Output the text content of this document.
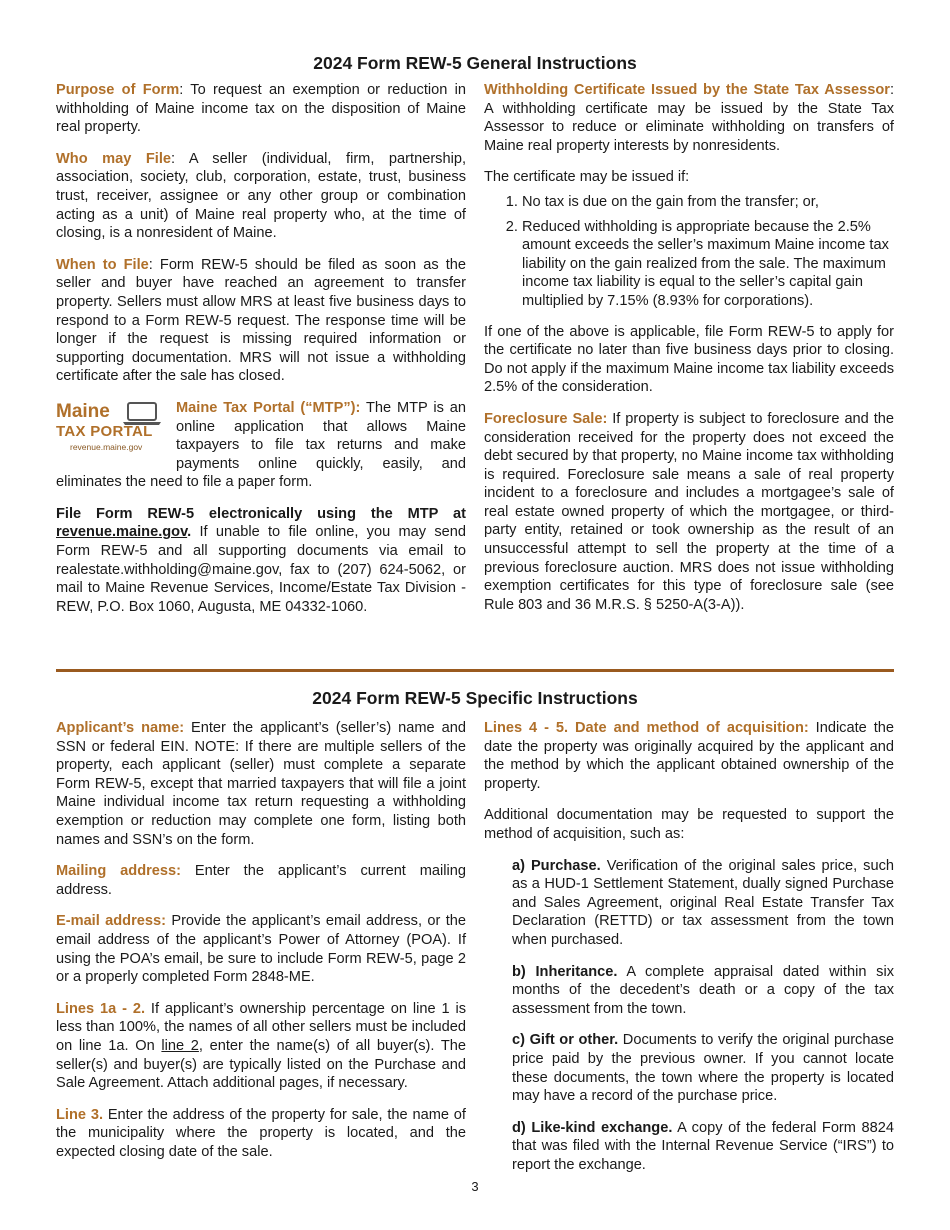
2024 Form REW-5 General Instructions

Purpose of Form: To request an exemption or reduction in withholding of Maine income tax on the disposition of Maine real property.

Who may File: A seller (individual, firm, partnership, association, society, club, corporation, estate, trust, business trust, receiver, assignee or any other group or combination acting as a unit) of Maine real property who, at the time of closing, is a nonresident of Maine.

When to File: Form REW-5 should be filed as soon as the seller and buyer have reached an agreement to transfer property. Sellers must allow MRS at least five business days to respond to a Form REW-5 request. The response time will be longer if the request is missing required information or supporting documentation. MRS will not issue a withholding certificate after the sale has closed.

Maine
TAX PORTAL
revenue.maine.gov
Maine Tax Portal (“MTP”): The MTP is an online application that allows Maine taxpayers to file tax returns and make payments online quickly, easily, and eliminates the need to file a paper form.

File Form REW-5 electronically using the MTP at revenue.maine.gov. If unable to file online, you may send Form REW-5 and all supporting documents via email to realestate.withholding@maine.gov, fax to (207) 624-5062, or mail to Maine Revenue Services, Income/Estate Tax Division - REW, P.O. Box 1060, Augusta, ME 04332-1060.

Withholding Certificate Issued by the State Tax Assessor: A withholding certificate may be issued by the State Tax Assessor to reduce or eliminate withholding on transfers of Maine real property interests by nonresidents.

The certificate may be issued if:

1. No tax is due on the gain from the transfer; or,
2. Reduced withholding is appropriate because the 2.5% amount exceeds the seller’s maximum Maine income tax liability on the gain realized from the sale. The maximum income tax liability is equal to the seller’s capital gain multiplied by 7.15% (8.93% for corporations).

If one of the above is applicable, file Form REW-5 to apply for the certificate no later than five business days prior to closing. Do not apply if the maximum Maine income tax liability exceeds 2.5% of the consideration.

Foreclosure Sale: If property is subject to foreclosure and the consideration received for the property does not exceed the debt secured by that property, no Maine income tax withholding is required. Foreclosure sale means a sale of real property incident to a foreclosure and includes a mortgagee’s sale of real estate owned property of which the mortgagee, or third-party entity, retained or took ownership as the result of an unsuccessful attempt to sell the property at the time of a previous foreclosure auction. MRS does not issue withholding exemption certificates for this type of foreclosure sale (see Rule 803 and 36 M.R.S. § 5250-A(3-A)).

2024 Form REW-5 Specific Instructions

Applicant’s name: Enter the applicant’s (seller’s) name and SSN or federal EIN. NOTE: If there are multiple sellers of the property, each applicant (seller) must complete a separate Form REW-5, except that married taxpayers that will file a joint Maine individual income tax return requesting a withholding exemption or reduction may complete one form, listing both names and SSN’s on the form.

Mailing address: Enter the applicant’s current mailing address.

E-mail address: Provide the applicant’s email address, or the email address of the applicant’s Power of Attorney (POA). If using the POA’s email, be sure to include Form REW-5, page 2 or a properly completed Form 2848-ME.

Lines 1a - 2. If applicant’s ownership percentage on line 1 is less than 100%, the names of all other sellers must be included on line 1a. On line 2, enter the name(s) of all buyer(s). The seller(s) and buyer(s) are typically listed on the Purchase and Sale Agreement. Attach additional pages, if necessary.

Line 3. Enter the address of the property for sale, the name of the municipality where the property is located, and the expected closing date of the sale.

Lines 4 - 5. Date and method of acquisition: Indicate the date the property was originally acquired by the applicant and the method by which the applicant obtained ownership of the property.

Additional documentation may be requested to support the method of acquisition, such as:

a) Purchase. Verification of the original sales price, such as a HUD-1 Settlement Statement, dually signed Purchase and Sales Agreement, original Real Estate Transfer Tax Declaration (RETTD) or tax assessment from the town when purchased.

b) Inheritance. A complete appraisal dated within six months of the decedent’s death or a copy of the tax assessment from the town.

c) Gift or other. Documents to verify the original purchase price paid by the previous owner. If you cannot locate these documents, the town where the property is located may have a record of the purchase price.

d) Like-kind exchange. A copy of the federal Form 8824 that was filed with the Internal Revenue Service (“IRS”) to report the exchange.

3
